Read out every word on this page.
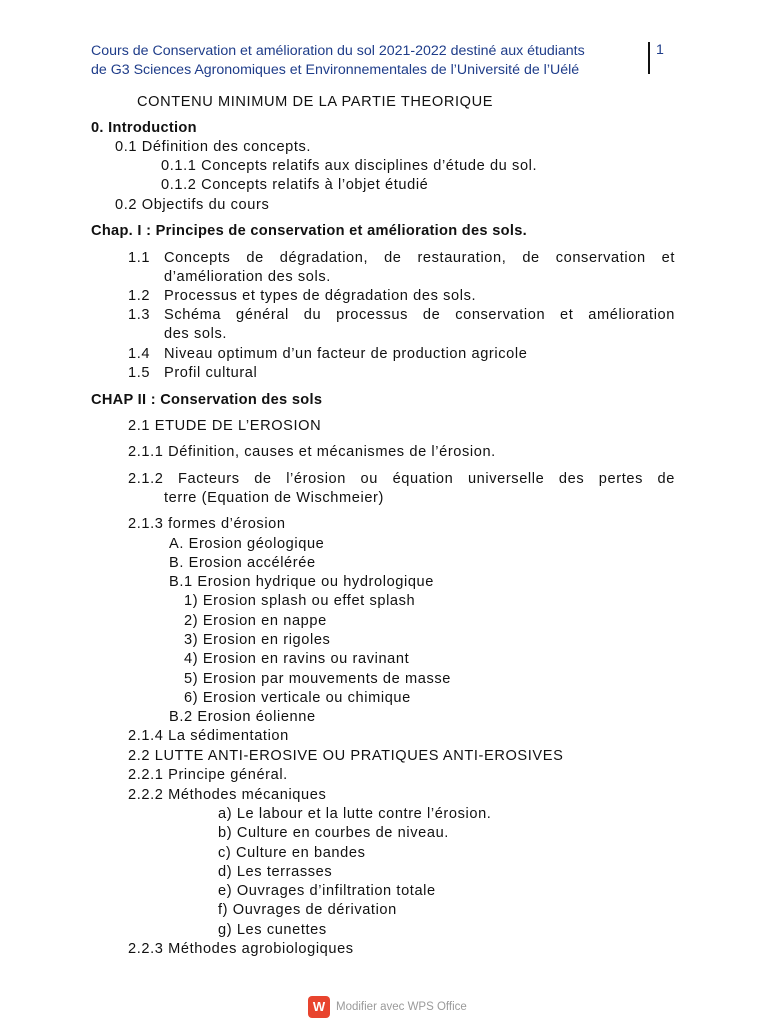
Cours de Conservation et amélioration du sol 2021-2022 destiné aux étudiants
de G3 Sciences Agronomiques et Environnementales de l’Université de l’Uélé
1
CONTENU MINIMUM DE LA PARTIE THEORIQUE
0. Introduction
0.1 Définition des concepts.
0.1.1 Concepts relatifs aux disciplines d’étude du sol.
0.1.2 Concepts relatifs à l’objet étudié
0.2 Objectifs du cours
Chap. I : Principes de conservation et amélioration des sols.
1.1 Concepts de dégradation, de restauration, de conservation et
d’amélioration des sols.
1.2 Processus et types de dégradation des sols.
1.3 Schéma général du processus de conservation et amélioration
des sols.
1.4 Niveau optimum d’un facteur de production agricole
1.5 Profil cultural
CHAP II : Conservation des sols
2.1 ETUDE DE L’EROSION
2.1.1 Définition, causes et mécanismes de l’érosion.
2.1.2 Facteurs de l’érosion ou équation universelle des pertes de
terre (Equation de Wischmeier)
2.1.3 formes d’érosion
A. Erosion géologique
B. Erosion accélérée
B.1 Erosion hydrique ou hydrologique
1) Erosion splash ou effet splash
2) Erosion en nappe
3) Erosion en rigoles
4) Erosion en ravins ou ravinant
5) Erosion par mouvements de masse
6) Erosion verticale ou chimique
B.2 Erosion éolienne
2.1.4 La sédimentation
2.2 LUTTE ANTI-EROSIVE OU PRATIQUES ANTI-EROSIVES
2.2.1 Principe général.
2.2.2 Méthodes mécaniques
a) Le labour et la lutte contre l’érosion.
b) Culture en courbes de niveau.
c) Culture en bandes
d) Les terrasses
e) Ouvrages d’infiltration totale
f) Ouvrages de dérivation
g) Les cunettes
2.2.3 Méthodes agrobiologiques
W Modifier avec WPS Office
